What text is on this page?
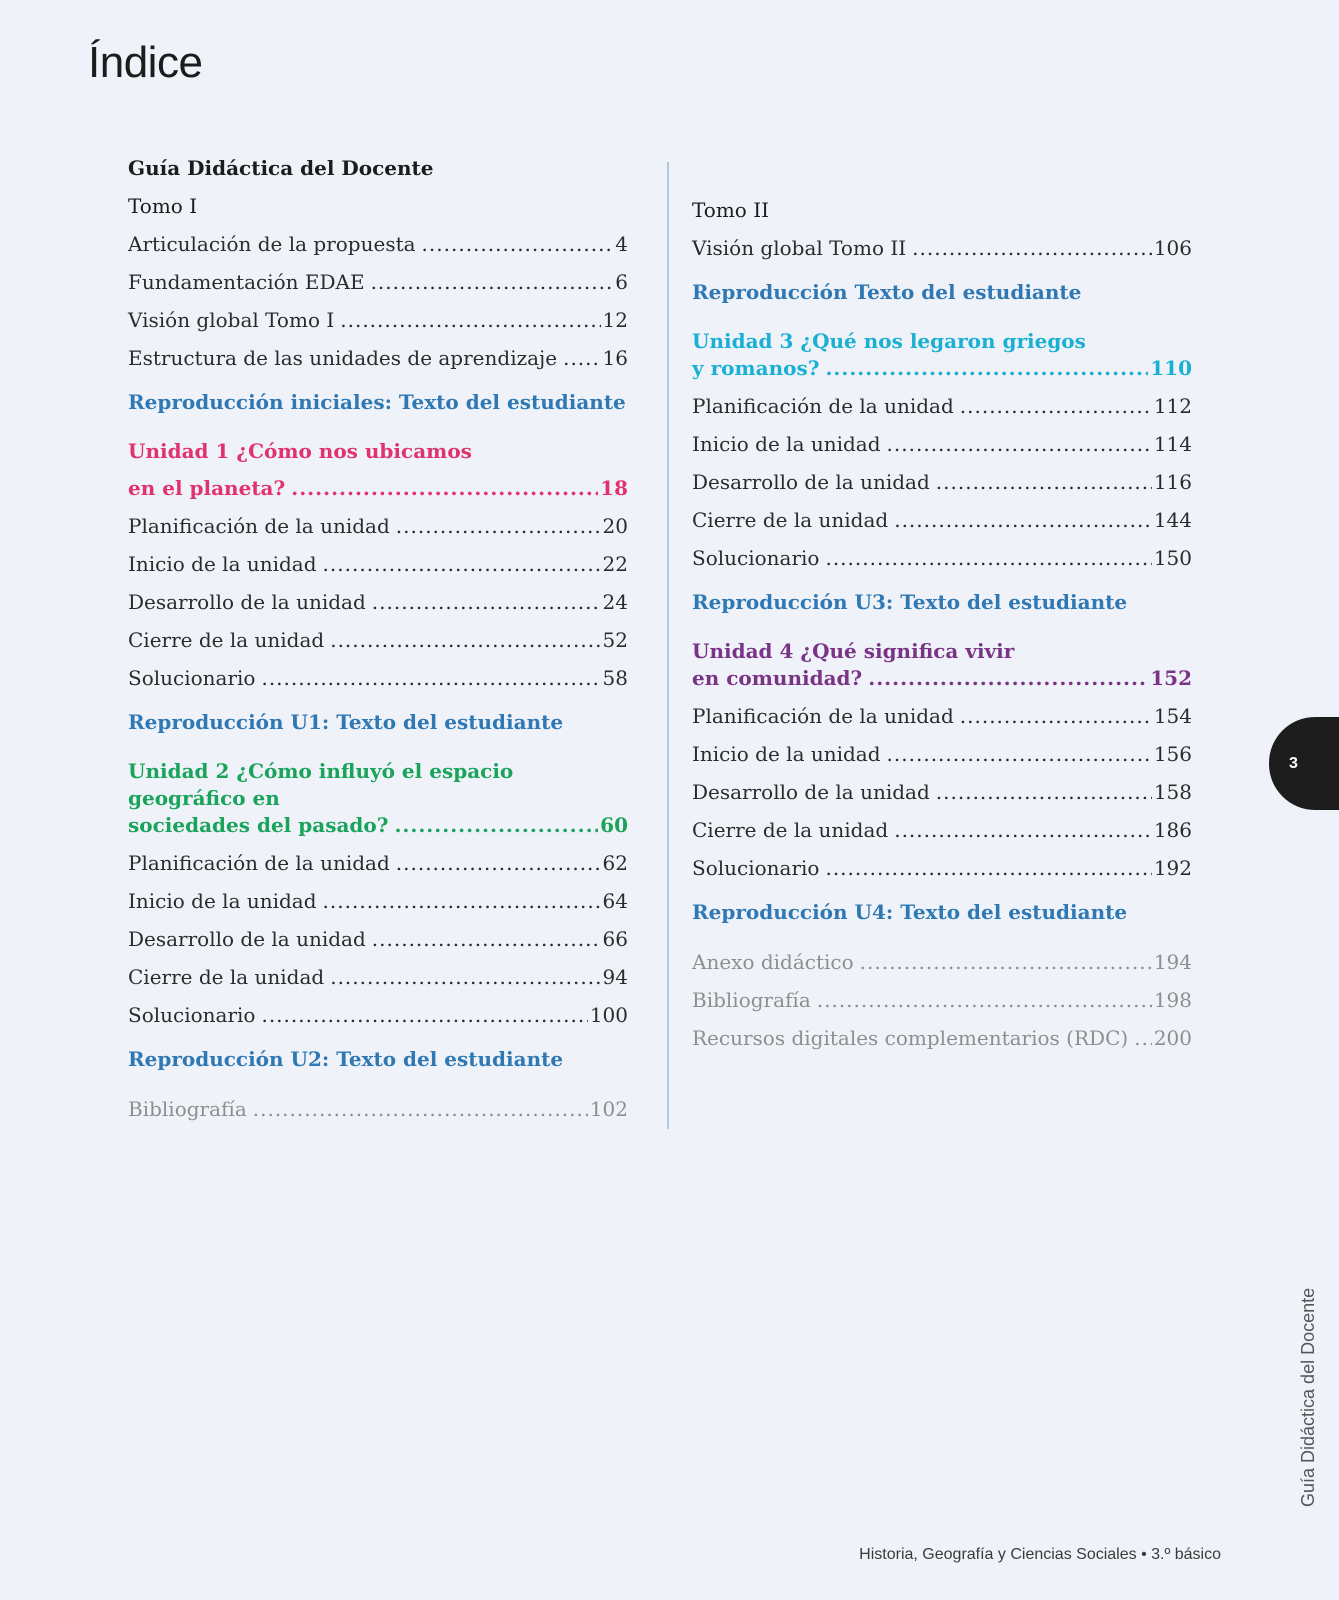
Índice
Guía Didáctica del Docente
Tomo I
Articulación de la propuesta .....	4
Fundamentación EDAE .....	6
Visión global Tomo I .....	12
Estructura de las unidades de aprendizaje ..... 16
Reproducción iniciales: Texto del estudiante
Unidad 1 ¿Cómo nos ubicamos
en el planeta? .....	18
Planificación de la unidad .....	20
Inicio de la unidad .....	22
Desarrollo de la unidad .....	24
Cierre de la unidad .....	52
Solucionario .....	58
Reproducción U1: Texto del estudiante
Unidad 2 ¿Cómo influyó el espacio geográfico en
sociedades del pasado? .....	60
Planificación de la unidad .....	62
Inicio de la unidad .....	64
Desarrollo de la unidad .....	66
Cierre de la unidad .....	94
Solucionario .....	100
Reproducción U2: Texto del estudiante
Bibliografía .....	102
Tomo II
Visión global Tomo II .....	106
Reproducción Texto del estudiante
Unidad 3 ¿Qué nos legaron griegos
y romanos? .....	110
Planificación de la unidad .....	112
Inicio de la unidad .....	114
Desarrollo de la unidad .....	116
Cierre de la unidad .....	144
Solucionario .....	150
Reproducción U3: Texto del estudiante
Unidad 4 ¿Qué significa vivir
en comunidad? .....	152
Planificación de la unidad .....	154
Inicio de la unidad .....	156
Desarrollo de la unidad .....	158
Cierre de la unidad .....	186
Solucionario .....	192
Reproducción U4: Texto del estudiante
Anexo didáctico .....	194
Bibliografía .....	198
Recursos digitales complementarios (RDC) ..... 200
3
Guía Didáctica del Docente
Historia, Geografía y Ciencias Sociales • 3.º básico
